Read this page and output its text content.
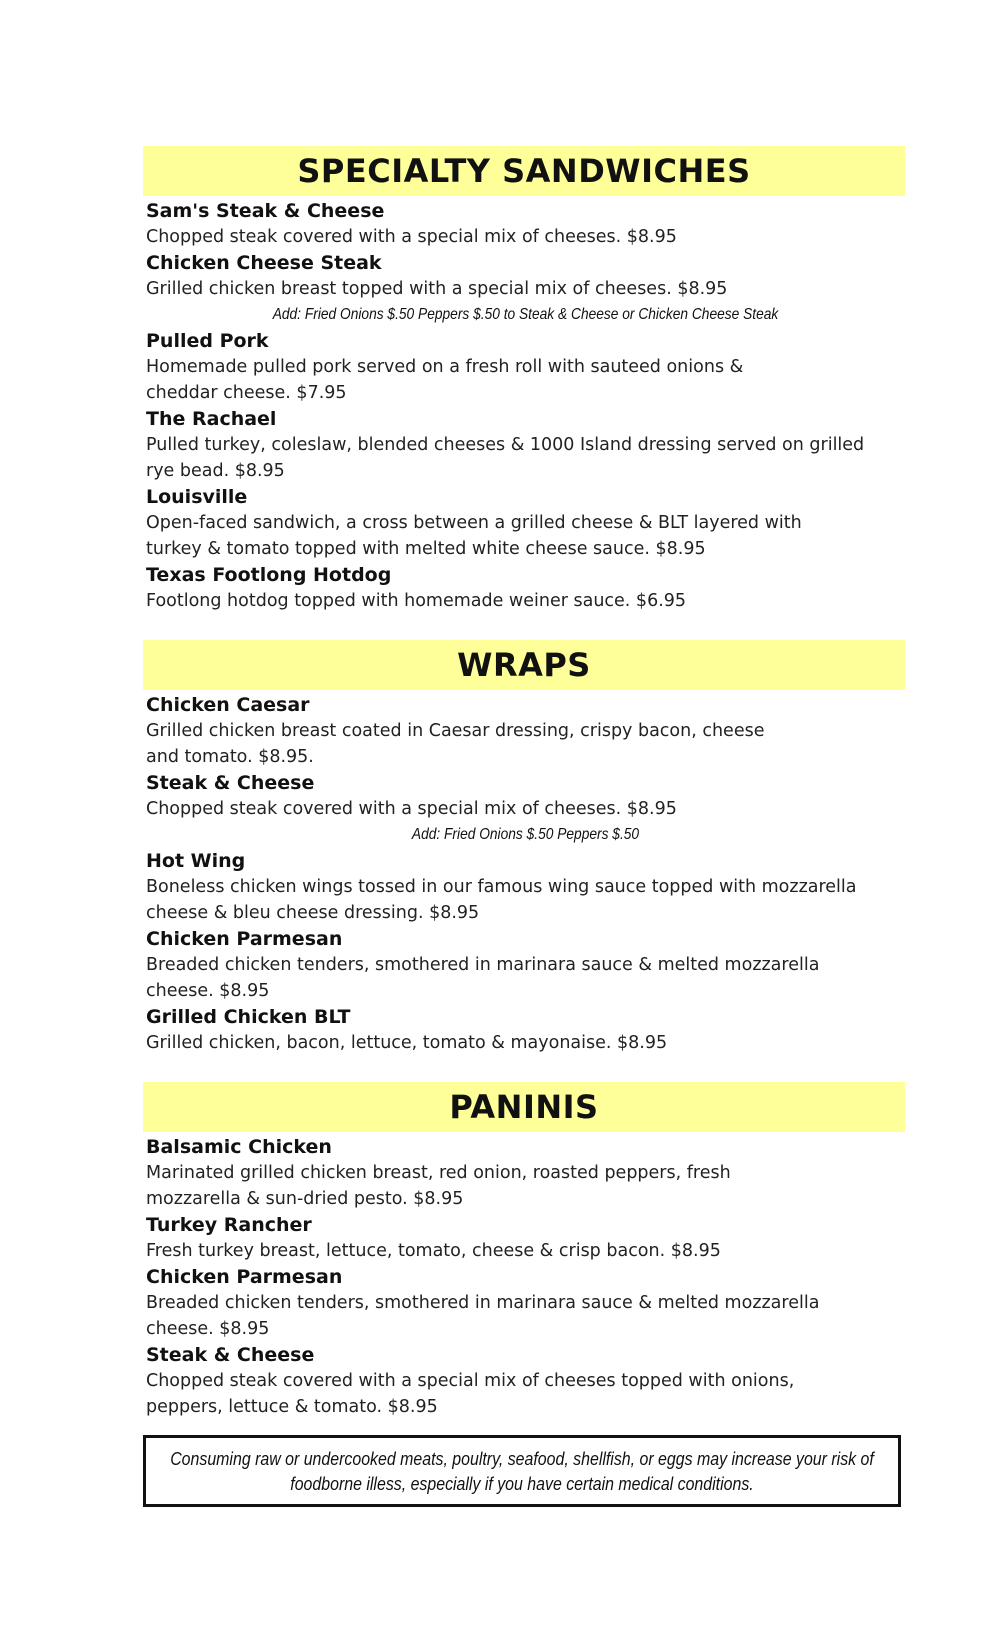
SPECIALTY SANDWICHES
Sam's Steak & Cheese
Chopped steak covered with a special mix of cheeses. $8.95
Chicken Cheese Steak
Grilled chicken breast topped with a special mix of cheeses. $8.95
Add: Fried Onions $.50 Peppers $.50 to Steak & Cheese or Chicken Cheese Steak
Pulled Pork
Homemade pulled pork served on a fresh roll with sauteed onions &
cheddar cheese. $7.95
The Rachael
Pulled turkey, coleslaw, blended cheeses & 1000 Island dressing served on grilled
rye bead. $8.95
Louisville
Open-faced sandwich, a cross between a grilled cheese & BLT layered with
turkey & tomato topped with melted white cheese sauce. $8.95
Texas Footlong Hotdog
Footlong hotdog topped with homemade weiner sauce. $6.95
WRAPS
Chicken Caesar
Grilled chicken breast coated in Caesar dressing, crispy bacon, cheese
and tomato. $8.95.
Steak & Cheese
Chopped steak covered with a special mix of cheeses. $8.95
Add: Fried Onions $.50 Peppers $.50
Hot Wing
Boneless chicken wings tossed in our famous wing sauce topped with mozzarella
cheese & bleu cheese dressing. $8.95
Chicken Parmesan
Breaded chicken tenders, smothered in marinara sauce & melted mozzarella
cheese. $8.95
Grilled Chicken BLT
Grilled chicken, bacon, lettuce, tomato & mayonaise. $8.95
PANINIS
Balsamic Chicken
Marinated grilled chicken breast, red onion, roasted peppers, fresh
mozzarella & sun-dried pesto. $8.95
Turkey Rancher
Fresh turkey breast, lettuce, tomato, cheese & crisp bacon. $8.95
Chicken Parmesan
Breaded chicken tenders, smothered in marinara sauce & melted mozzarella
cheese. $8.95
Steak & Cheese
Chopped steak covered with a special mix of cheeses topped with onions,
peppers, lettuce & tomato. $8.95
Consuming raw or undercooked meats, poultry, seafood, shellfish, or eggs may increase your risk of
foodborne illess, especially if you have certain medical conditions.
